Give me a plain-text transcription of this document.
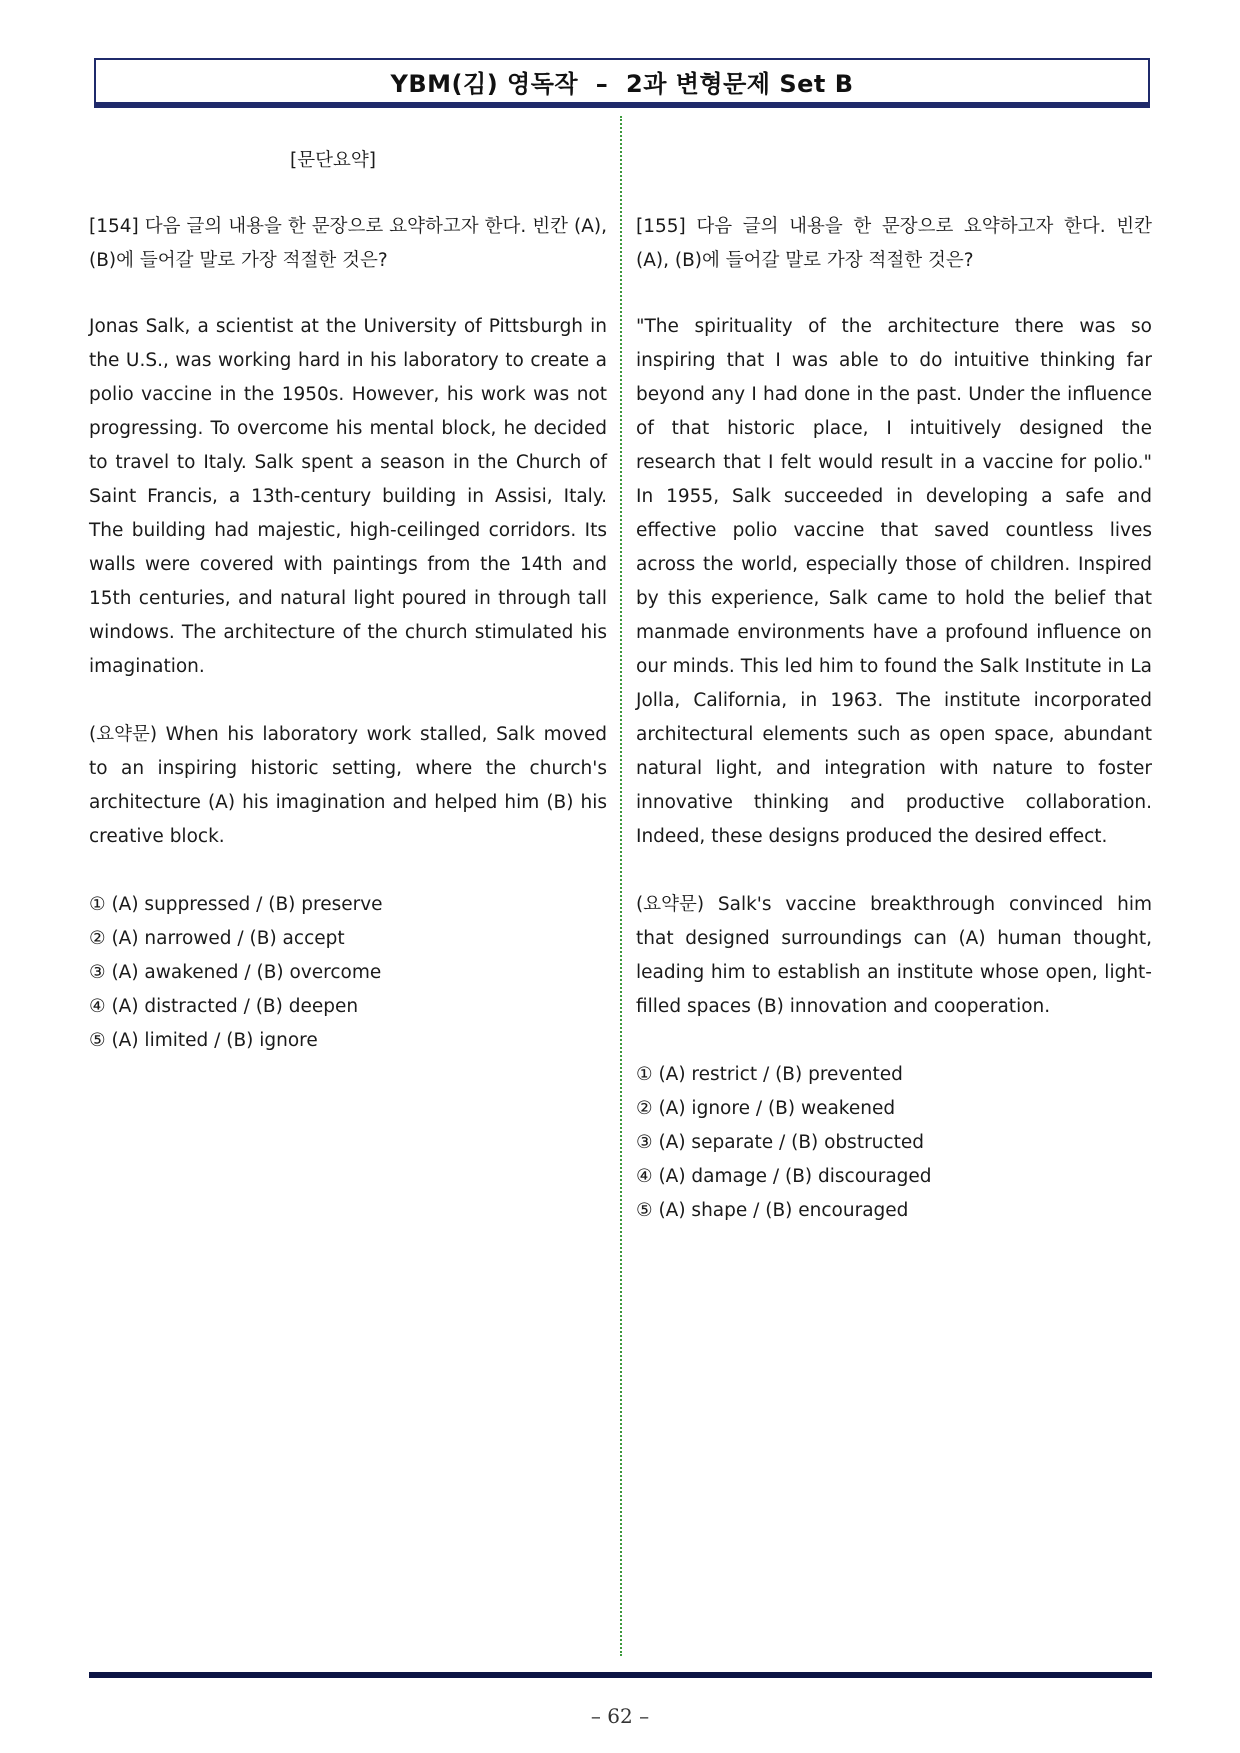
YBM(김) 영독작  –  2과 변형문제 Set B
[문단요약]

[154] 다음 글의 내용을 한 문장으로 요약하고자 한다. 빈칸 (A), (B)에 들어갈 말로 가장 적절한 것은?

Jonas Salk, a scientist at the University of Pittsburgh in the U.S., was working hard in his laboratory to create a polio vaccine in the 1950s. However, his work was not progressing. To overcome his mental block, he decided to travel to Italy. Salk spent a season in the Church of Saint Francis, a 13th-century building in Assisi, Italy. The building had majestic, high-ceilinged corridors. Its walls were covered with paintings from the 14th and 15th centuries, and natural light poured in through tall windows. The architecture of the church stimulated his imagination.

(요약문) When his laboratory work stalled, Salk moved to an inspiring historic setting, where the church's architecture (A) his imagination and helped him (B) his creative block.

① (A) suppressed / (B) preserve
② (A) narrowed / (B) accept
③ (A) awakened / (B) overcome
④ (A) distracted / (B) deepen
⑤ (A) limited / (B) ignore

[155] 다음 글의 내용을 한 문장으로 요약하고자 한다. 빈칸 (A), (B)에 들어갈 말로 가장 적절한 것은?

"The spirituality of the architecture there was so inspiring that I was able to do intuitive thinking far beyond any I had done in the past. Under the influence of that historic place, I intuitively designed the research that I felt would result in a vaccine for polio." In 1955, Salk succeeded in developing a safe and effective polio vaccine that saved countless lives across the world, especially those of children. Inspired by this experience, Salk came to hold the belief that manmade environments have a profound influence on our minds. This led him to found the Salk Institute in La Jolla, California, in 1963. The institute incorporated architectural elements such as open space, abundant natural light, and integration with nature to foster innovative thinking and productive collaboration. Indeed, these designs produced the desired effect.

(요약문) Salk's vaccine breakthrough convinced him that designed surroundings can (A) human thought, leading him to establish an institute whose open, light-filled spaces (B) innovation and cooperation.

① (A) restrict / (B) prevented
② (A) ignore / (B) weakened
③ (A) separate / (B) obstructed
④ (A) damage / (B) discouraged
⑤ (A) shape / (B) encouraged
– 62 –
